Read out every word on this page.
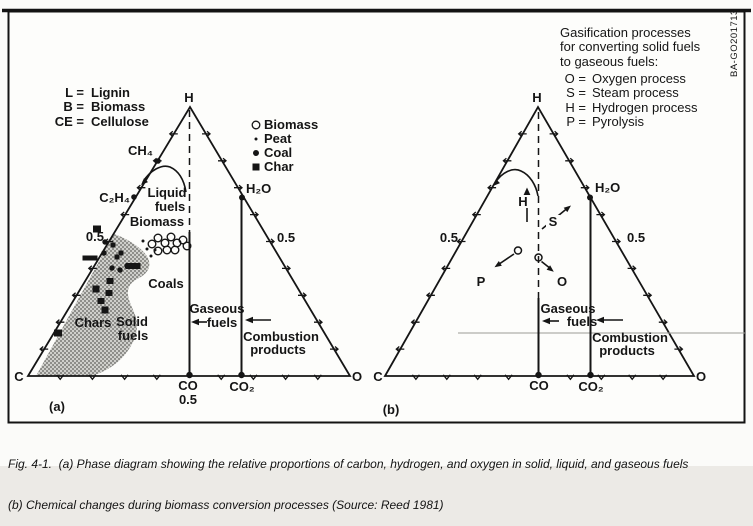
H
C	O
0.5	0.5
0.5
CH₄
C₂H₄
H₂O
CO CO₂
Biomass
Liquid
fuels
Coals
Chars Solid
fuels
Gaseous
fuels
Combustion
products
(a)
L = Lignin
B = Biomass
CE = Cellulose	Biomass
Peat
Coal
Char
H
C	O
0.5	0.5
H₂O
CO CO₂
H
S
P	O
Gaseous
fuels
Combustion
products
(b)
Gasification processes
for converting solid fuels
to gaseous fuels:
O = Oxygen process
S = Steam process
H = Hydrogen process
P = Pyrolysis
BA-GO201713

Fig. 4-1.  (a) Phase diagram showing the relative proportions of carbon, hydrogen, and oxygen in solid, liquid, and gaseous fuels

(b) Chemical changes during biomass conversion processes (Source: Reed 1981)
